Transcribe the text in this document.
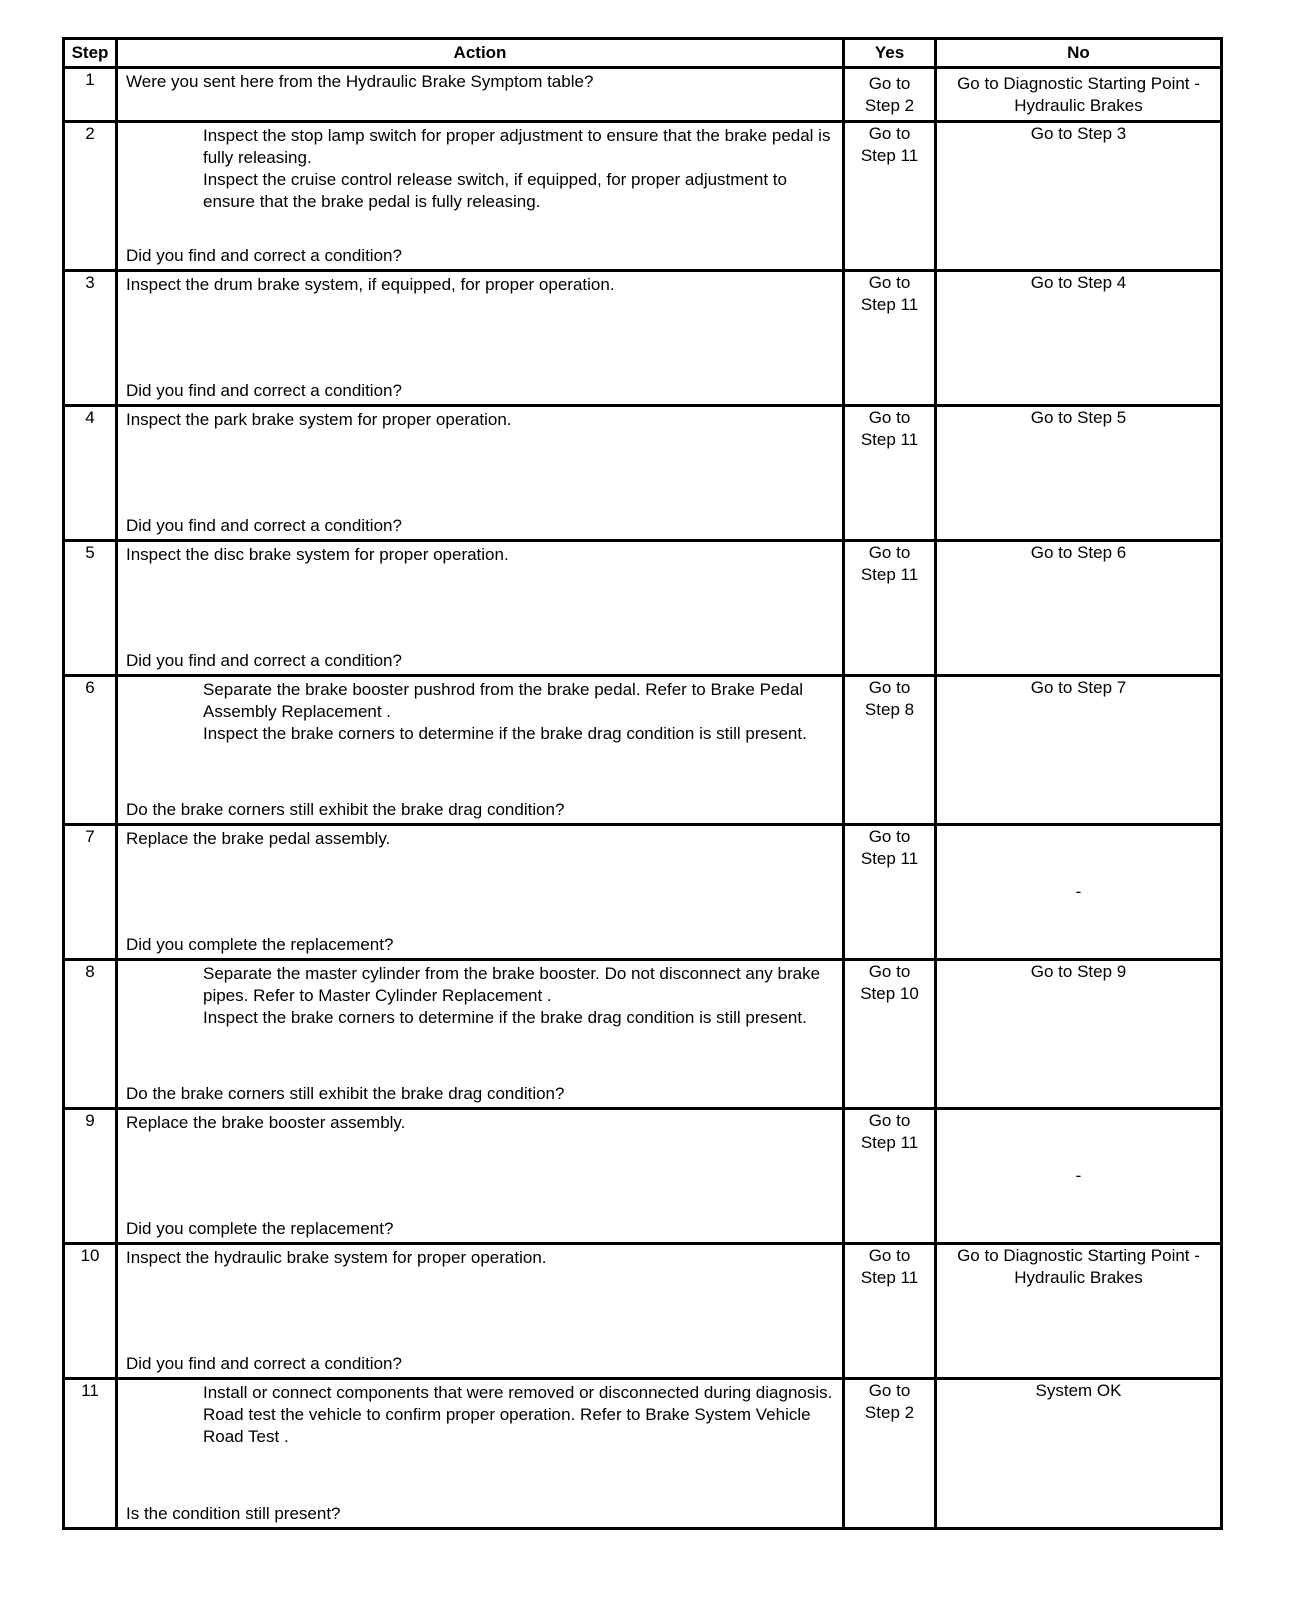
Step	Action	Yes	No
1	Were you sent here from the Hydraulic Brake Symptom table?	Go to Step 2	Go to Diagnostic Starting Point - Hydraulic Brakes
2	Inspect the stop lamp switch for proper adjustment to ensure that the brake pedal is fully releasing.
Inspect the cruise control release switch, if equipped, for proper adjustment to ensure that the brake pedal is fully releasing.
Did you find and correct a condition?	Go to Step 11	Go to Step 3
3	Inspect the drum brake system, if equipped, for proper operation.
Did you find and correct a condition?	Go to Step 11	Go to Step 4
4	Inspect the park brake system for proper operation.
Did you find and correct a condition?	Go to Step 11	Go to Step 5
5	Inspect the disc brake system for proper operation.
Did you find and correct a condition?	Go to Step 11	Go to Step 6
6	Separate the brake booster pushrod from the brake pedal. Refer to Brake Pedal Assembly Replacement .
Inspect the brake corners to determine if the brake drag condition is still present.
Do the brake corners still exhibit the brake drag condition?	Go to Step 8	Go to Step 7
7	Replace the brake pedal assembly.
Did you complete the replacement?	Go to Step 11	-
8	Separate the master cylinder from the brake booster. Do not disconnect any brake pipes. Refer to Master Cylinder Replacement .
Inspect the brake corners to determine if the brake drag condition is still present.
Do the brake corners still exhibit the brake drag condition?	Go to Step 10	Go to Step 9
9	Replace the brake booster assembly.
Did you complete the replacement?	Go to Step 11	-
10	Inspect the hydraulic brake system for proper operation.
Did you find and correct a condition?	Go to Step 11	Go to Diagnostic Starting Point - Hydraulic Brakes
11	Install or connect components that were removed or disconnected during diagnosis.
Road test the vehicle to confirm proper operation. Refer to Brake System Vehicle Road Test .
Is the condition still present?	Go to Step 2	System OK
